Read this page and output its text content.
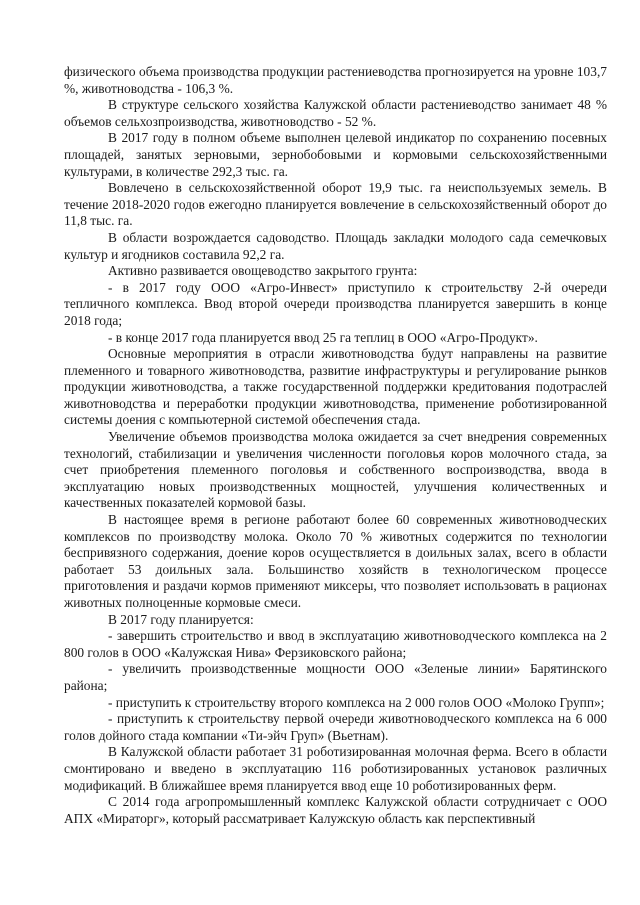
физического объема производства продукции растениеводства прогнозируется на уровне 103,7 %, животноводства - 106,3 %.

В структуре сельского хозяйства Калужской области растениеводство занимает 48 % объемов сельхозпроизводства, животноводство - 52 %.

В 2017 году в полном объеме выполнен целевой индикатор по сохранению посевных площадей, занятых зерновыми, зернобобовыми и кормовыми сельскохозяйственными культурами, в количестве 292,3 тыс. га.

Вовлечено в сельскохозяйственной оборот 19,9 тыс. га неиспользуемых земель. В течение 2018-2020 годов ежегодно планируется вовлечение в сельскохозяйственный оборот до 11,8 тыс. га.

В области возрождается садоводство. Площадь закладки молодого сада семечковых культур и ягодников составила 92,2 га.

Активно развивается овощеводство закрытого грунта:

- в 2017 году ООО «Агро-Инвест» приступило к строительству 2-й очереди тепличного комплекса. Ввод второй очереди производства планируется завершить в конце 2018 года;

- в конце 2017 года планируется ввод 25 га теплиц в ООО «Агро-Продукт».

Основные мероприятия в отрасли животноводства будут направлены на развитие племенного и товарного животноводства, развитие инфраструктуры и регулирование рынков продукции животноводства, а также государственной поддержки кредитования подотраслей животноводства и переработки продукции животноводства, применение роботизированной системы доения с компьютерной системой обеспечения стада.

Увеличение объемов производства молока ожидается за счет внедрения современных технологий, стабилизации и увеличения численности поголовья коров молочного стада, за счет приобретения племенного поголовья и собственного воспроизводства, ввода в эксплуатацию новых производственных мощностей, улучшения количественных и качественных показателей кормовой базы.

В настоящее время в регионе работают более 60 современных животноводческих комплексов по производству молока. Около 70 % животных содержится по технологии беспривязного содержания, доение коров осуществляется в доильных залах, всего в области работает 53 доильных зала. Большинство хозяйств в технологическом процессе приготовления и раздачи кормов применяют миксеры, что позволяет использовать в рационах животных полноценные кормовые смеси.

В 2017 году планируется:

- завершить строительство и ввод в эксплуатацию животноводческого комплекса на 2 800 голов в ООО «Калужская Нива» Ферзиковского района;

- увеличить производственные мощности ООО «Зеленые линии» Барятинского района;

- приступить к строительству второго комплекса на 2 000 голов ООО «Молоко Групп»;

- приступить к строительству первой очереди животноводческого комплекса на 6 000 голов дойного стада компании «Ти-эйч Груп» (Вьетнам).

В Калужской области работает 31 роботизированная молочная ферма. Всего в области смонтировано и введено в эксплуатацию 116 роботизированных установок различных модификаций. В ближайшее время планируется ввод еще 10 роботизированных ферм.

С 2014 года агропромышленный комплекс Калужской области сотрудничает с ООО АПХ «Мираторг», который рассматривает Калужскую область как перспективный
